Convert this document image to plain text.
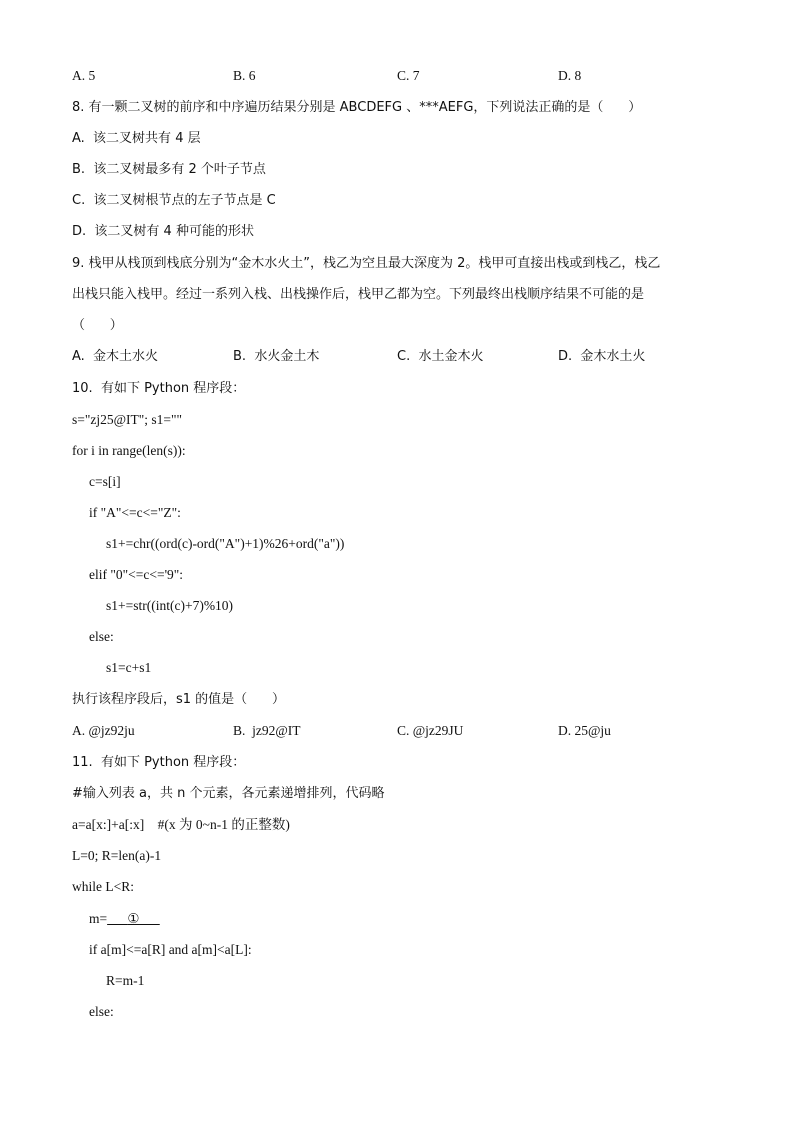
A. 5	B. 6	C. 7	D. 8
8. 有一颗二叉树的前序和中序遍历结果分别是 ABCDEFG 、***AEFG，下列说法正确的是（      ）
A.  该二叉树共有 4 层
B.  该二叉树最多有 2 个叶子节点
C.  该二叉树根节点的左子节点是 C
D.  该二叉树有 4 种可能的形状
9. 栈甲从栈顶到栈底分别为“金木水火土”，栈乙为空且最大深度为 2。栈甲可直接出栈或到栈乙，栈乙
出栈只能入栈甲。经过一系列入栈、出栈操作后，栈甲乙都为空。下列最终出栈顺序结果不可能的是
（      ）
A.  金木土水火	B.  水火金土木	C.  水土金木火	D.  金木水土火
10.  有如下 Python 程序段：
s="zj25@IT"; s1=""
for i in range(len(s)):
c=s[i]
if "A"<=c<="Z":
s1+=chr((ord(c)-ord("A")+1)%26+ord("a"))
elif "0"<=c<='9":
s1+=str((int(c)+7)%10)
else:
s1=c+s1
执行该程序段后，s1 的值是（      ）
A. @jz92ju	B.  jz92@IT	C. @jz29JU	D. 25@ju
11.  有如下 Python 程序段：
#输入列表 a，共 n 个元素，各元素递增排列，代码略
a=a[x:]+a[:x]    #(x 为 0~n-1 的正整数)
L=0; R=len(a)-1
while L<R:
m= ①
if a[m]<=a[R] and a[m]<a[L]:
R=m-1
else:
